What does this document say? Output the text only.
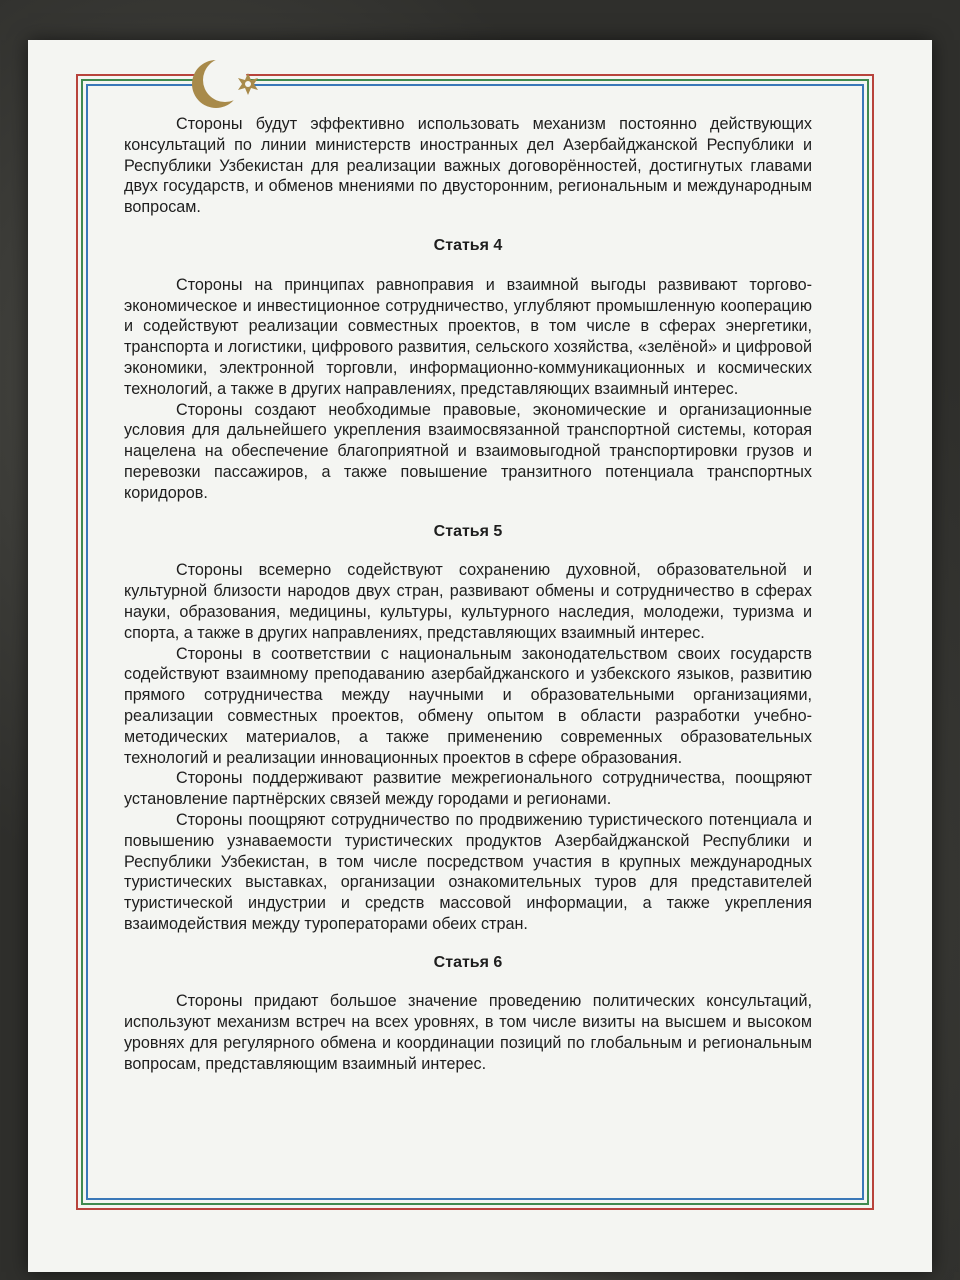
Стороны будут эффективно использовать механизм постоянно действующих консультаций по линии министерств иностранных дел Азербайджанской Республики и Республики Узбекистан для реализации важных договорённостей, достигнутых главами двух государств, и обменов мнениями по двусторонним, региональным и международным вопросам.

Статья 4

Стороны на принципах равноправия и взаимной выгоды развивают торгово-экономическое и инвестиционное сотрудничество, углубляют промышленную кооперацию и содействуют реализации совместных проектов, в том числе в сферах энергетики, транспорта и логистики, цифрового развития, сельского хозяйства, «зелёной» и цифровой экономики, электронной торговли, информационно-коммуникационных и космических технологий, а также в других направлениях, представляющих взаимный интерес.

Стороны создают необходимые правовые, экономические и организационные условия для дальнейшего укрепления взаимосвязанной транспортной системы, которая нацелена на обеспечение благоприятной и взаимовыгодной транспортировки грузов и перевозки пассажиров, а также повышение транзитного потенциала транспортных коридоров.

Статья 5

Стороны всемерно содействуют сохранению духовной, образовательной и культурной близости народов двух стран, развивают обмены и сотрудничество в сферах науки, образования, медицины, культуры, культурного наследия, молодежи, туризма и спорта, а также в других направлениях, представляющих взаимный интерес.

Стороны в соответствии с национальным законодательством своих государств содействуют взаимному преподаванию азербайджанского и узбекского языков, развитию прямого сотрудничества между научными и образовательными организациями, реализации совместных проектов, обмену опытом в области разработки учебно-методических материалов, а также применению современных образовательных технологий и реализации инновационных проектов в сфере образования.

Стороны поддерживают развитие межрегионального сотрудничества, поощряют установление партнёрских связей между городами и регионами.

Стороны поощряют сотрудничество по продвижению туристического потенциала и повышению узнаваемости туристических продуктов Азербайджанской Республики и Республики Узбекистан, в том числе посредством участия в крупных международных туристических выставках, организации ознакомительных туров для представителей туристической индустрии и средств массовой информации, а также укрепления взаимодействия между туроператорами обеих стран.

Статья 6

Стороны придают большое значение проведению политических консультаций, используют механизм встреч на всех уровнях, в том числе визиты на высшем и высоком уровнях для регулярного обмена и координации позиций по глобальным и региональным вопросам, представляющим взаимный интерес.
